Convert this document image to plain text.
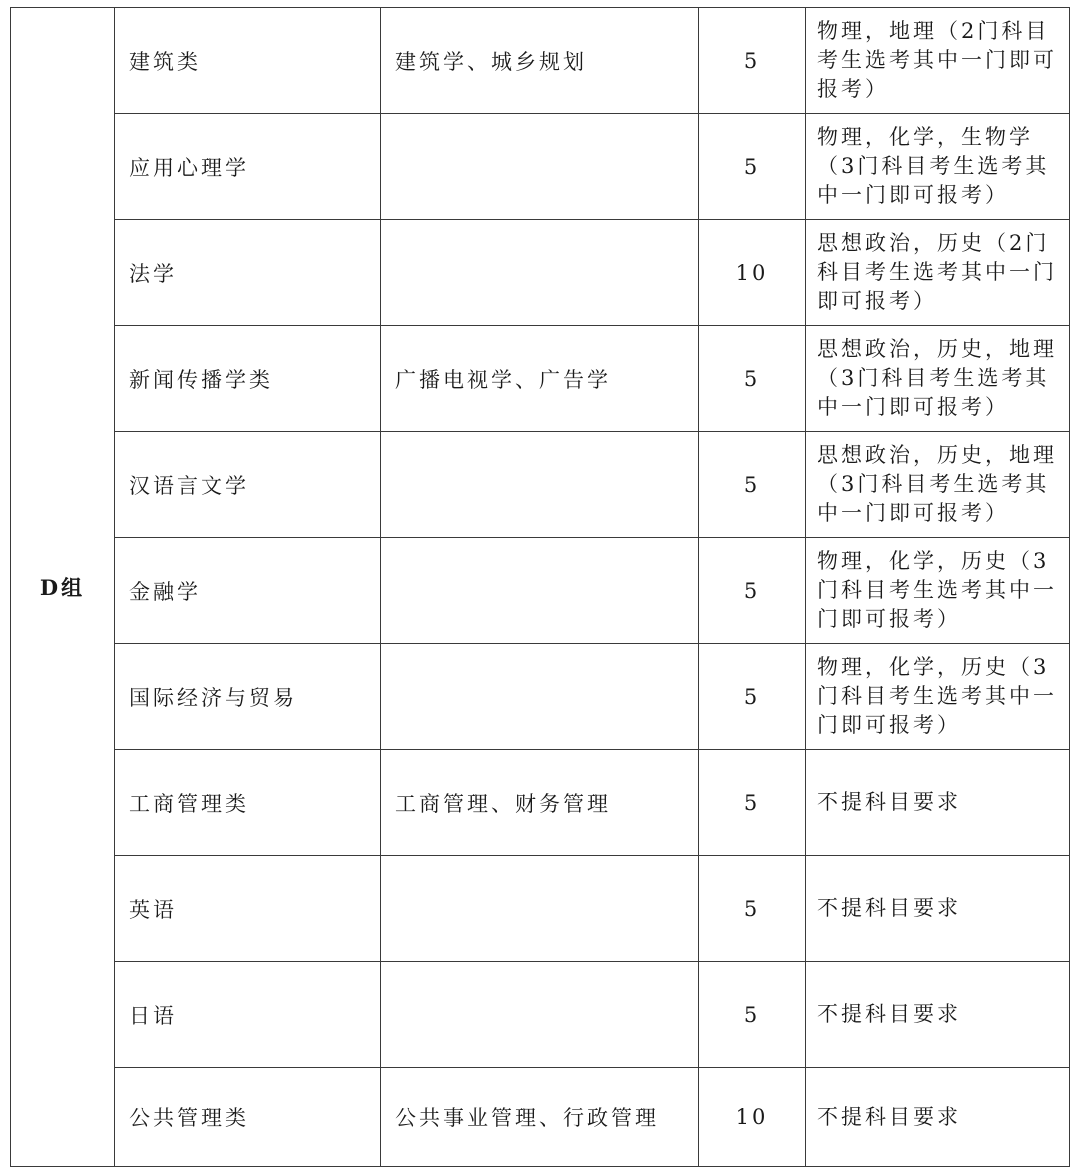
D组	建筑类	建筑学、城乡规划	5	物理，地理（2门科目考生选考其中一门即可报考）
	应用心理学		5	物理，化学，生物学（3门科目考生选考其中一门即可报考）
	法学		10	思想政治，历史（2门科目考生选考其中一门即可报考）
	新闻传播学类	广播电视学、广告学	5	思想政治，历史，地理（3门科目考生选考其中一门即可报考）
	汉语言文学		5	思想政治，历史，地理（3门科目考生选考其中一门即可报考）
	金融学		5	物理，化学，历史（3门科目考生选考其中一门即可报考）
	国际经济与贸易		5	物理，化学，历史（3门科目考生选考其中一门即可报考）
	工商管理类	工商管理、财务管理	5	不提科目要求
	英语		5	不提科目要求
	日语		5	不提科目要求
	公共管理类	公共事业管理、行政管理	10	不提科目要求
